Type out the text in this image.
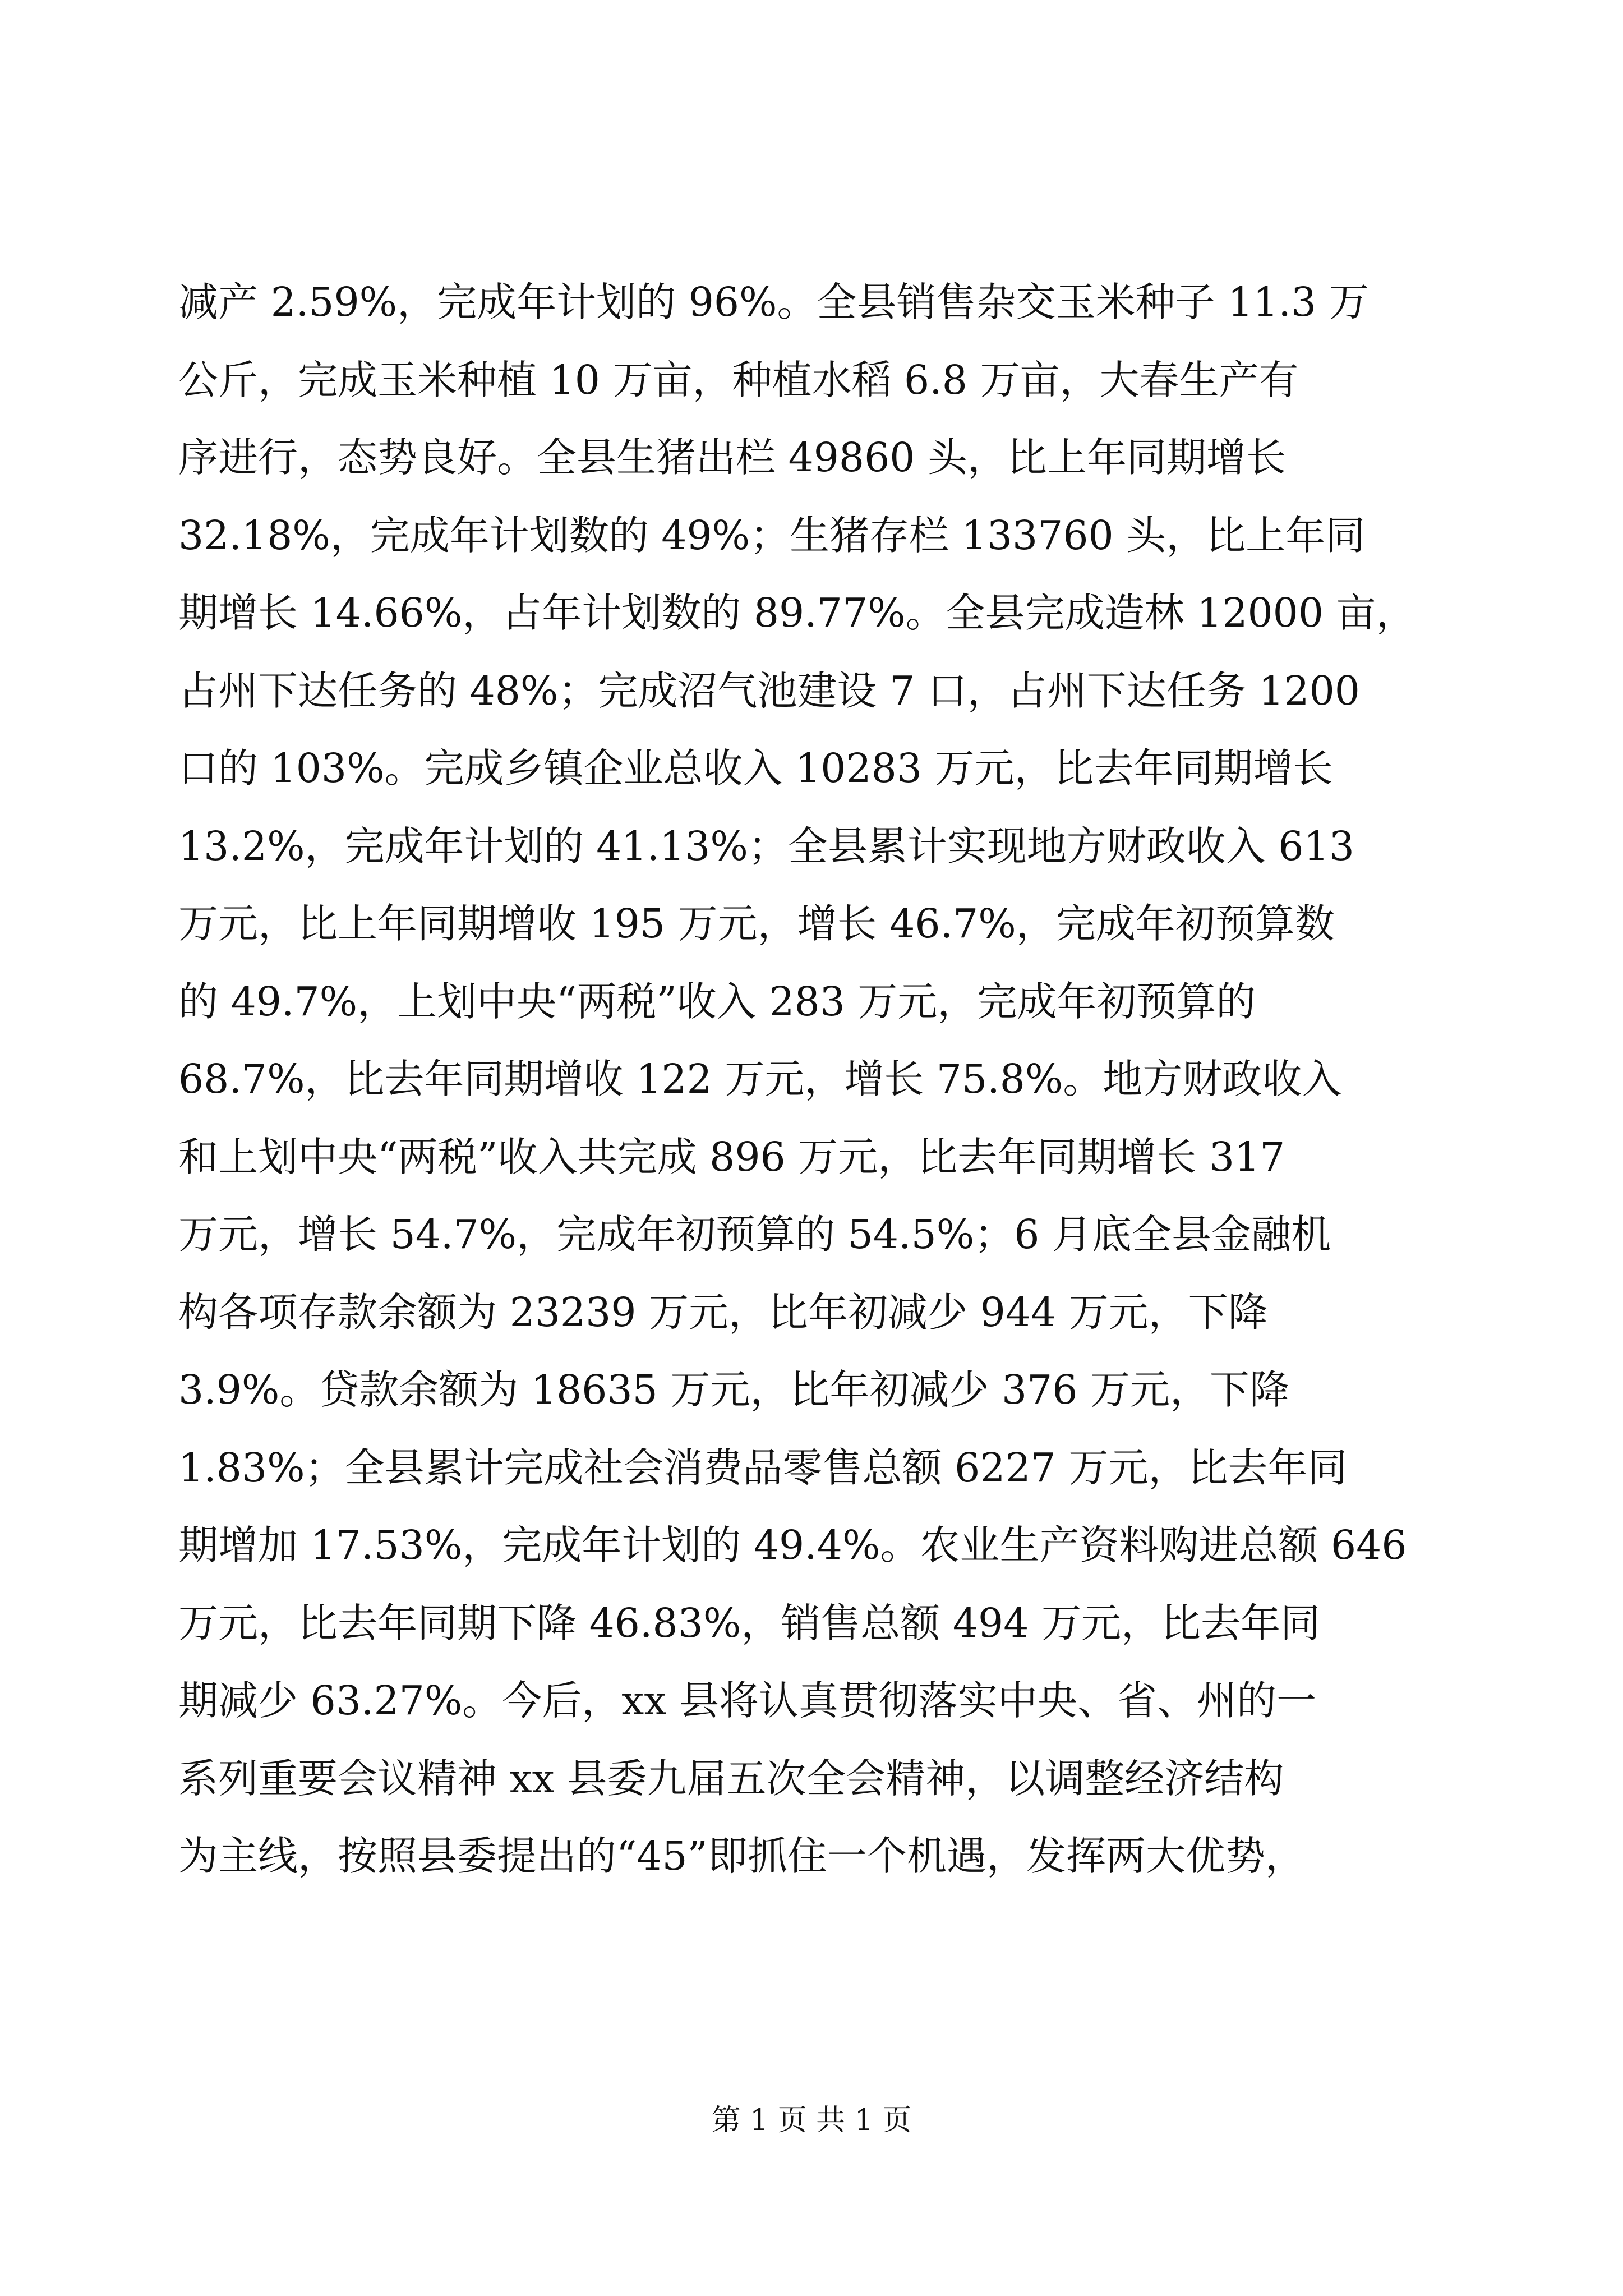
减产 2.59%，完成年计划的 96%。全县销售杂交玉米种子 11.3 万
公斤，完成玉米种植 10 万亩，种植水稻 6.8 万亩，大春生产有
序进行，态势良好。全县生猪出栏 49860 头，比上年同期增长
32.18%，完成年计划数的 49%；生猪存栏 133760 头，比上年同
期增长 14.66%，占年计划数的 89.77%。全县完成造林 12000 亩，
占州下达任务的 48%；完成沼气池建设 7 口，占州下达任务 1200
口的 103%。完成乡镇企业总收入 10283 万元，比去年同期增长
13.2%，完成年计划的 41.13%；全县累计实现地方财政收入 613
万元，比上年同期增收 195 万元，增长 46.7%，完成年初预算数
的 49.7%，上划中央“两税”收入 283 万元，完成年初预算的
68.7%，比去年同期增收 122 万元，增长 75.8%。地方财政收入
和上划中央“两税”收入共完成 896 万元，比去年同期增长 317
万元，增长 54.7%，完成年初预算的 54.5%；6 月底全县金融机
构各项存款余额为 23239 万元，比年初减少 944 万元，下降
3.9%。贷款余额为 18635 万元，比年初减少 376 万元，下降
1.83%；全县累计完成社会消费品零售总额 6227 万元，比去年同
期增加 17.53%，完成年计划的 49.4%。农业生产资料购进总额 646
万元，比去年同期下降 46.83%，销售总额 494 万元，比去年同
期减少 63.27%。今后，xx 县将认真贯彻落实中央、省、州的一
系列重要会议精神 xx 县委九届五次全会精神，以调整经济结构
为主线，按照县委提出的“45”即抓住一个机遇，发挥两大优势，
第 1 页 共 1 页
